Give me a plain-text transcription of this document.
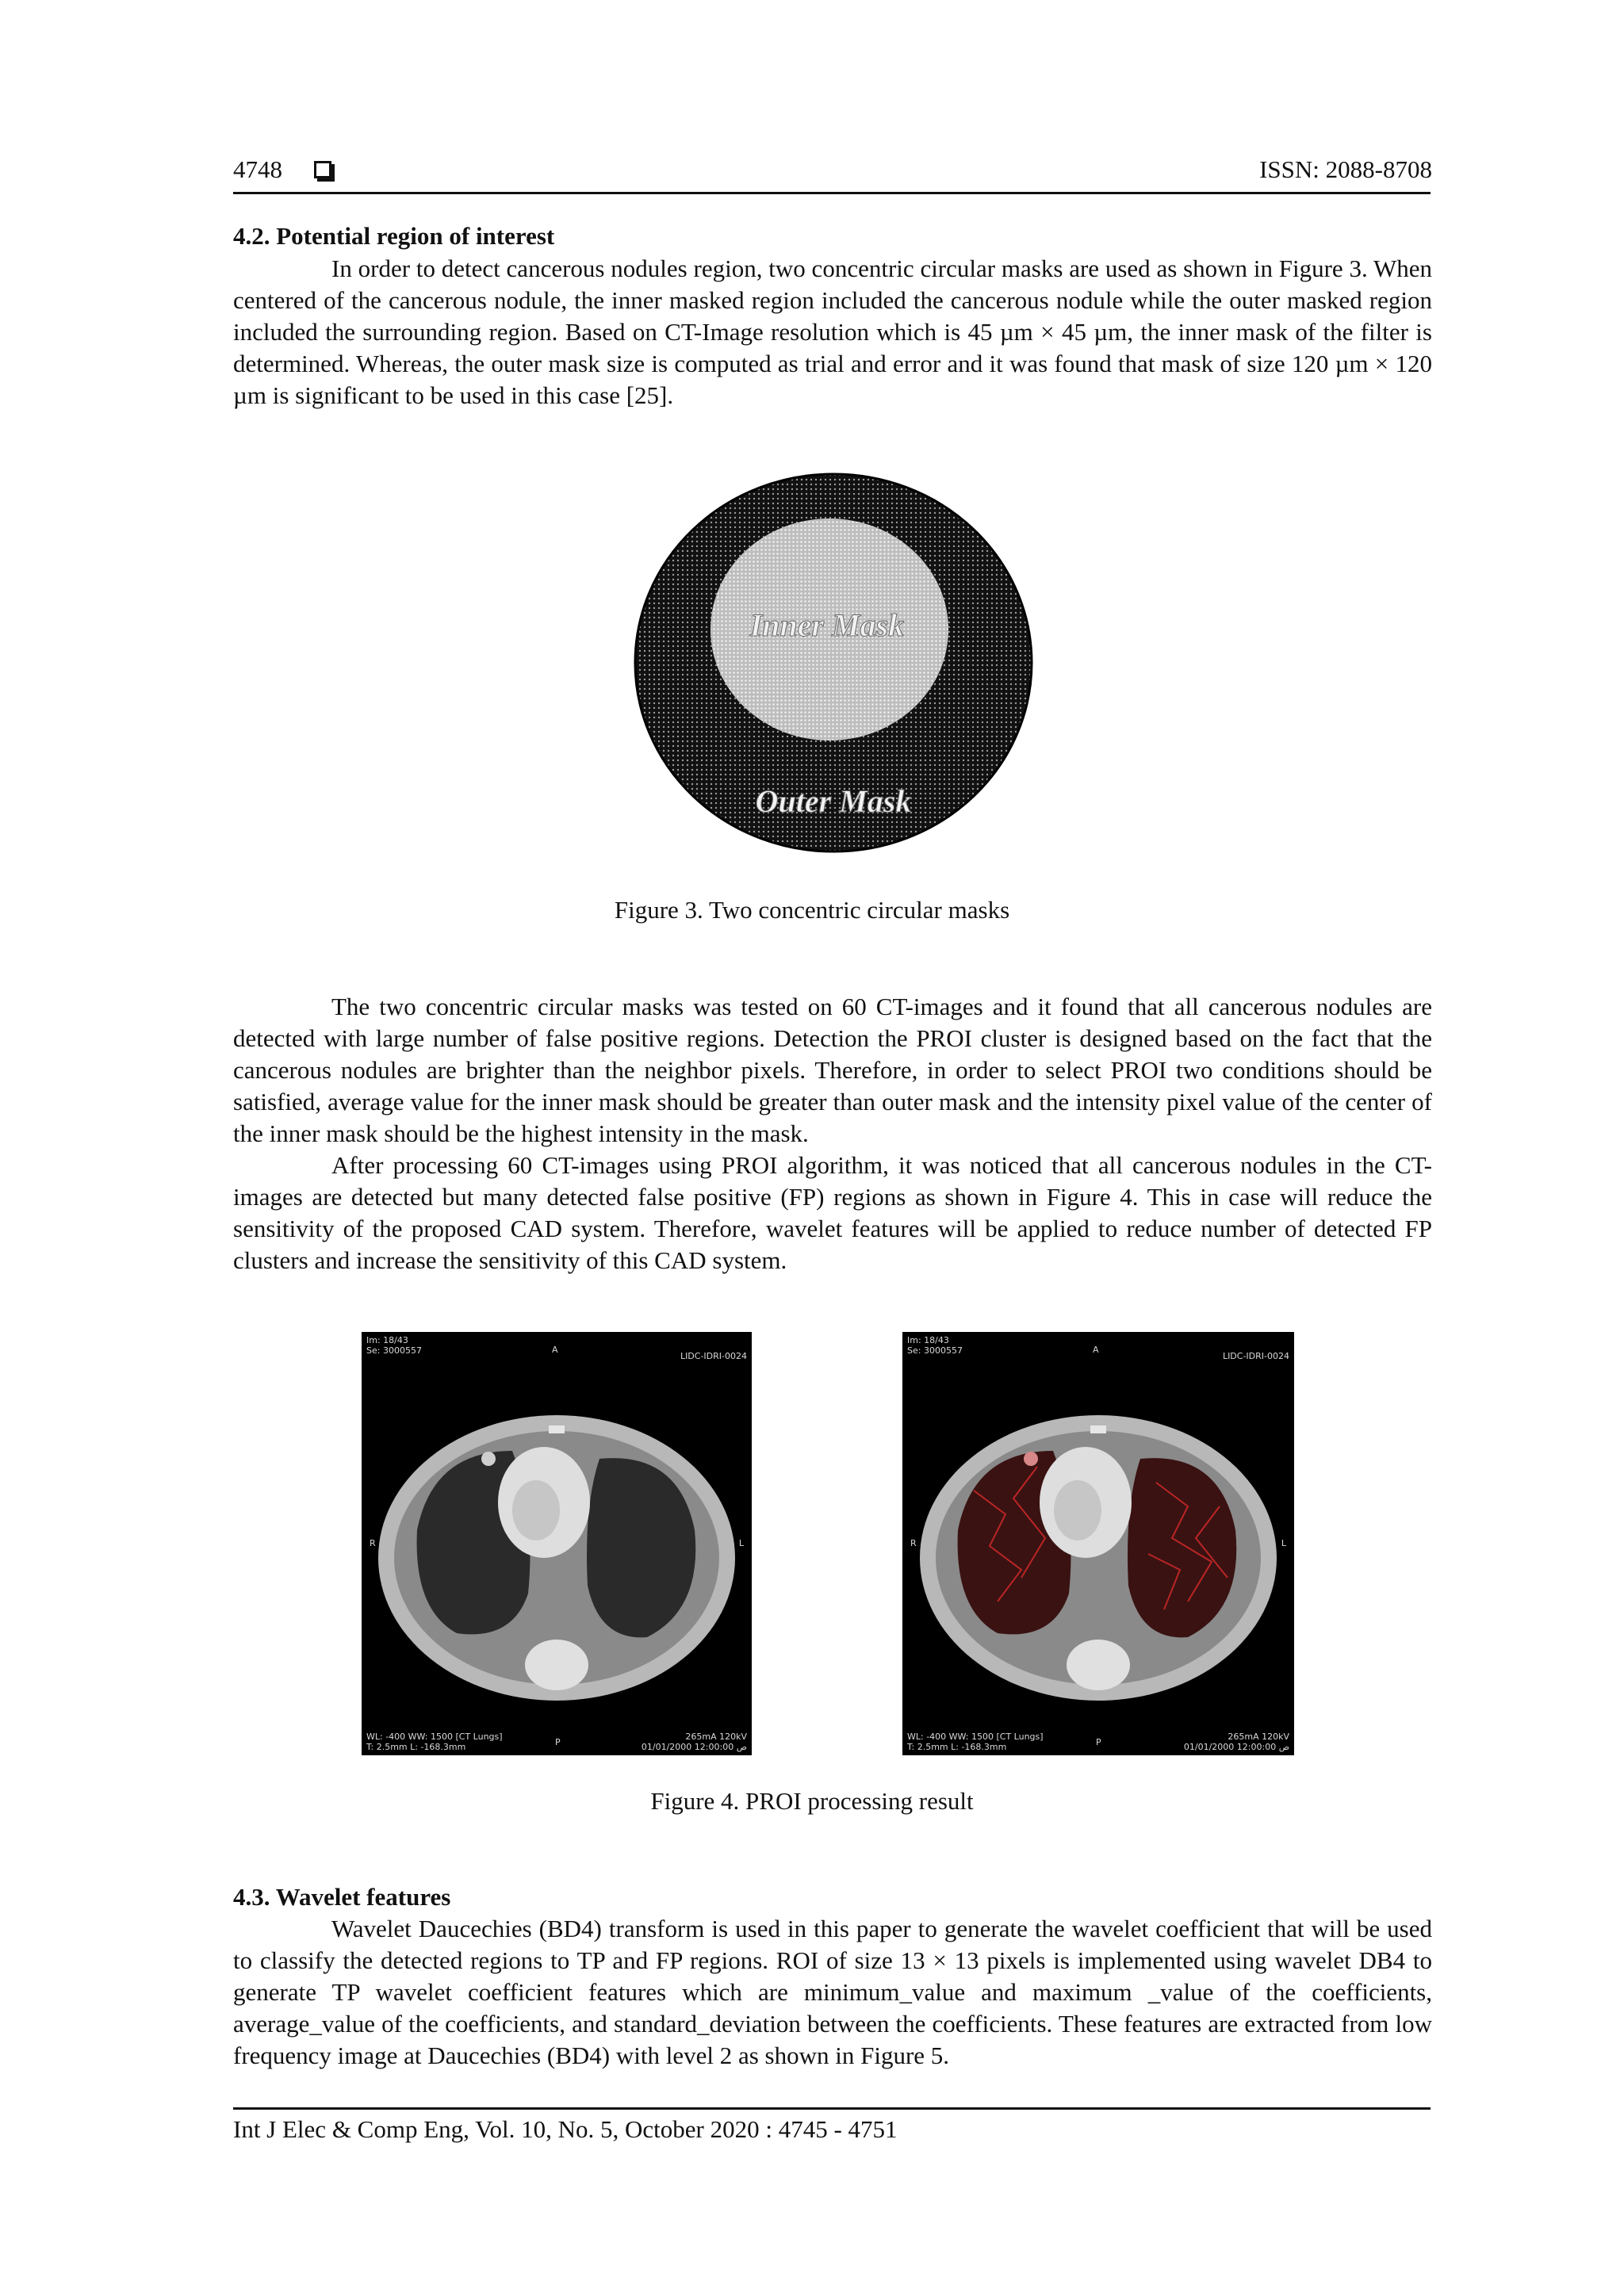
4748	ISSN: 2088-8708
4.2. Potential region of interest

In order to detect cancerous nodules region, two concentric circular masks are used as shown in Figure 3. When centered of the cancerous nodule, the inner masked region included the cancerous nodule while the outer masked region included the surrounding region. Based on CT-Image resolution which is 45 µm × 45 µm, the inner mask of the filter is determined. Whereas, the outer mask size is computed as trial and error and it was found that mask of size 120 µm × 120 µm is significant to be used in this case [25].

Inner Mask
Outer Mask
Figure 3. Two concentric circular masks

The two concentric circular masks was tested on 60 CT-images and it found that all cancerous nodules are detected with large number of false positive regions. Detection the PROI cluster is designed based on the fact that the cancerous nodules are brighter than the neighbor pixels. Therefore, in order to select PROI two conditions should be satisfied, average value for the inner mask should be greater than outer mask and the intensity pixel value of the center of the inner mask should be the highest intensity in the mask.

After processing 60 CT-images using PROI algorithm, it was noticed that all cancerous nodules in the CT-images are detected but many detected false positive (FP) regions as shown in Figure 4. This in case will reduce the sensitivity of the proposed CAD system. Therefore, wavelet features will be applied to reduce number of detected FP clusters and increase the sensitivity of this CAD system.

Im: 18/43
Se: 3000557	A
LIDC-IDRI-0024
R	L
WL: -400 WW: 1500 [CT Lungs]
T: 2.5mm L: -168.3mm	P
265mA 120kV
01/01/2000 12:00:00 ص
Im: 18/43
Se: 3000557	A
LIDC-IDRI-0024
R	L
WL: -400 WW: 1500 [CT Lungs]
T: 2.5mm L: -168.3mm	P
265mA 120kV
01/01/2000 12:00:00 ص
Figure 4. PROI processing result
4.3. Wavelet features

Wavelet Daucechies (BD4) transform is used in this paper to generate the wavelet coefficient that will be used to classify the detected regions to TP and FP regions. ROI of size 13 × 13 pixels is implemented using wavelet DB4 to generate TP wavelet coefficient features which are minimum_value and maximum _value of the coefficients, average_value of the coefficients, and standard_deviation between the coefficients. These features are extracted from low frequency image at Daucechies (BD4) with level 2 as shown in Figure 5.

Int J Elec & Comp Eng, Vol. 10, No. 5, October 2020 : 4745 - 4751
